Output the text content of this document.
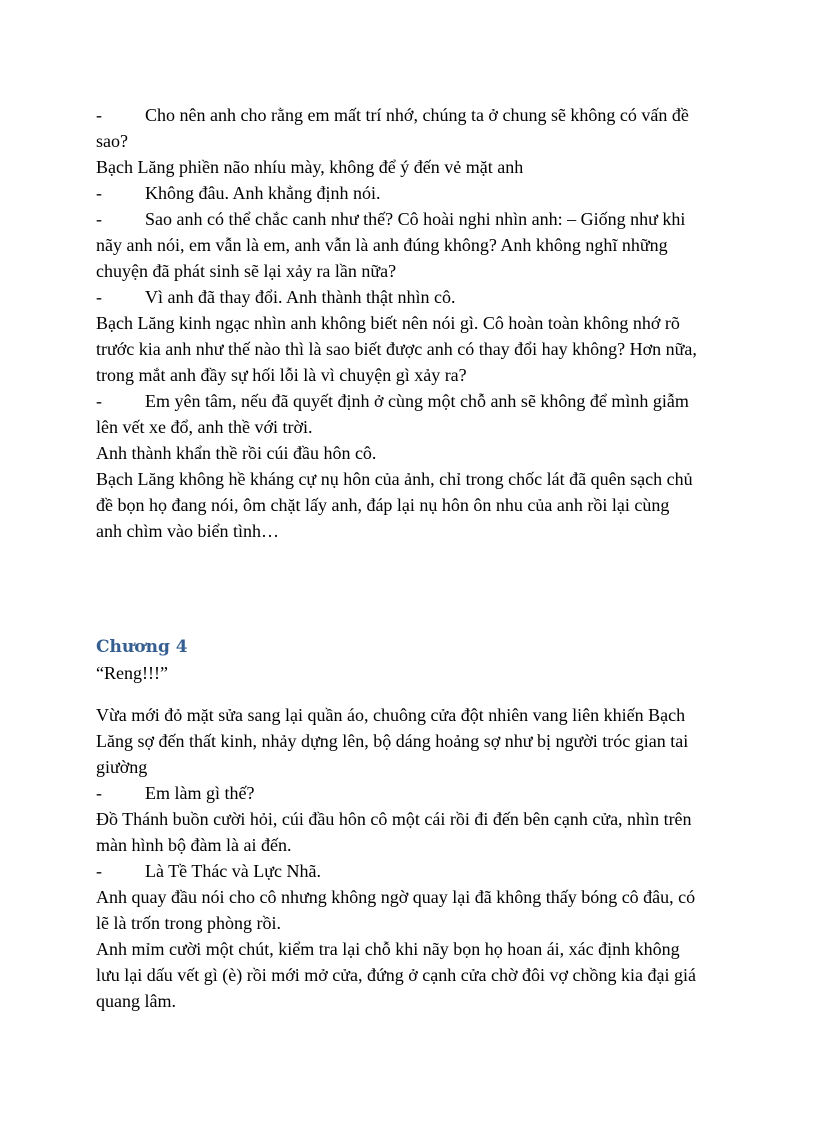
- Cho nên anh cho rằng em mất trí nhớ, chúng ta ở chung sẽ không có vấn đề
sao?
Bạch Lăng phiền não nhíu mày, không để ý đến vẻ mặt anh
- Không đâu. Anh khẳng định nói.
- Sao anh có thể chắc canh như thế? Cô hoài nghi nhìn anh: – Giống như khi
nãy anh nói, em vẫn là em, anh vẫn là anh đúng không? Anh không nghĩ những
chuyện đã phát sinh sẽ lại xảy ra lần nữa?
- Vì anh đã thay đổi. Anh thành thật nhìn cô.
Bạch Lăng kinh ngạc nhìn anh không biết nên nói gì. Cô hoàn toàn không nhớ rõ
trước kia anh như thế nào thì là sao biết được anh có thay đổi hay không? Hơn nữa,
trong mắt anh đầy sự hối lỗi là vì chuyện gì xảy ra?
- Em yên tâm, nếu đã quyết định ở cùng một chỗ anh sẽ không để mình giẫm
lên vết xe đổ, anh thề với trời.
Anh thành khẩn thề rồi cúi đầu hôn cô.
Bạch Lăng không hề kháng cự nụ hôn của ảnh, chỉ trong chốc lát đã quên sạch chủ
đề bọn họ đang nói, ôm chặt lấy anh, đáp lại nụ hôn ôn nhu của anh rồi lại cùng
anh chìm vào biển tình…
Chương 4
“Reng!!!”
Vừa mới đỏ mặt sửa sang lại quần áo, chuông cửa đột nhiên vang liên khiến Bạch
Lăng sợ đến thất kinh, nhảy dựng lên, bộ dáng hoảng sợ như bị người tróc gian tai
giường
- Em làm gì thế?
Đồ Thánh buồn cười hỏi, cúi đầu hôn cô một cái rồi đi đến bên cạnh cửa, nhìn trên
màn hình bộ đàm là ai đến.
- Là Tề Thác và Lực Nhã.
Anh quay đầu nói cho cô nhưng không ngờ quay lại đã không thấy bóng cô đâu, có
lẽ là trốn trong phòng rồi.
Anh mỉm cười một chút, kiểm tra lại chỗ khi nãy bọn họ hoan ái, xác định không
lưu lại dấu vết gì (è) rồi mới mở cửa, đứng ở cạnh cửa chờ đôi vợ chồng kia đại giá
quang lâm.
